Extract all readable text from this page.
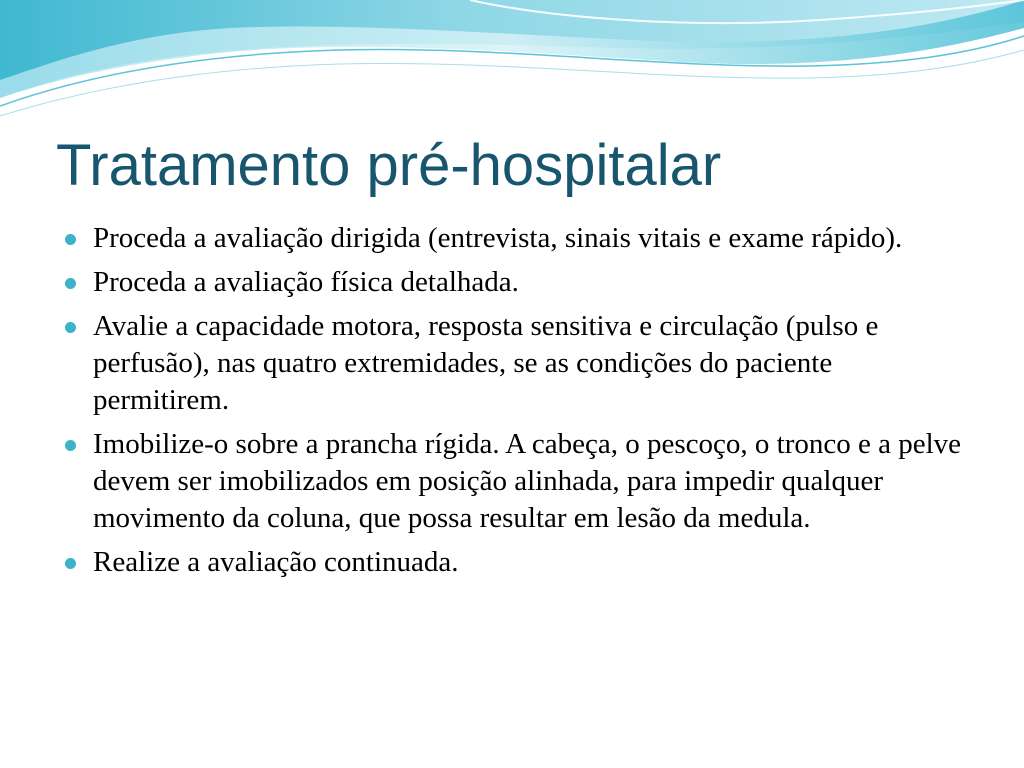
Tratamento pré-hospitalar
Proceda a avaliação dirigida (entrevista, sinais vitais e exame rápido).
Proceda a avaliação física detalhada.
Avalie a capacidade motora, resposta sensitiva e circulação (pulso e perfusão), nas quatro extremidades, se as condições do paciente permitirem.
Imobilize-o sobre a prancha rígida. A cabeça, o pescoço, o tronco e a pelve devem ser imobilizados em posição alinhada, para impedir qualquer movimento da coluna, que possa resultar em lesão da medula.
Realize a avaliação continuada.
